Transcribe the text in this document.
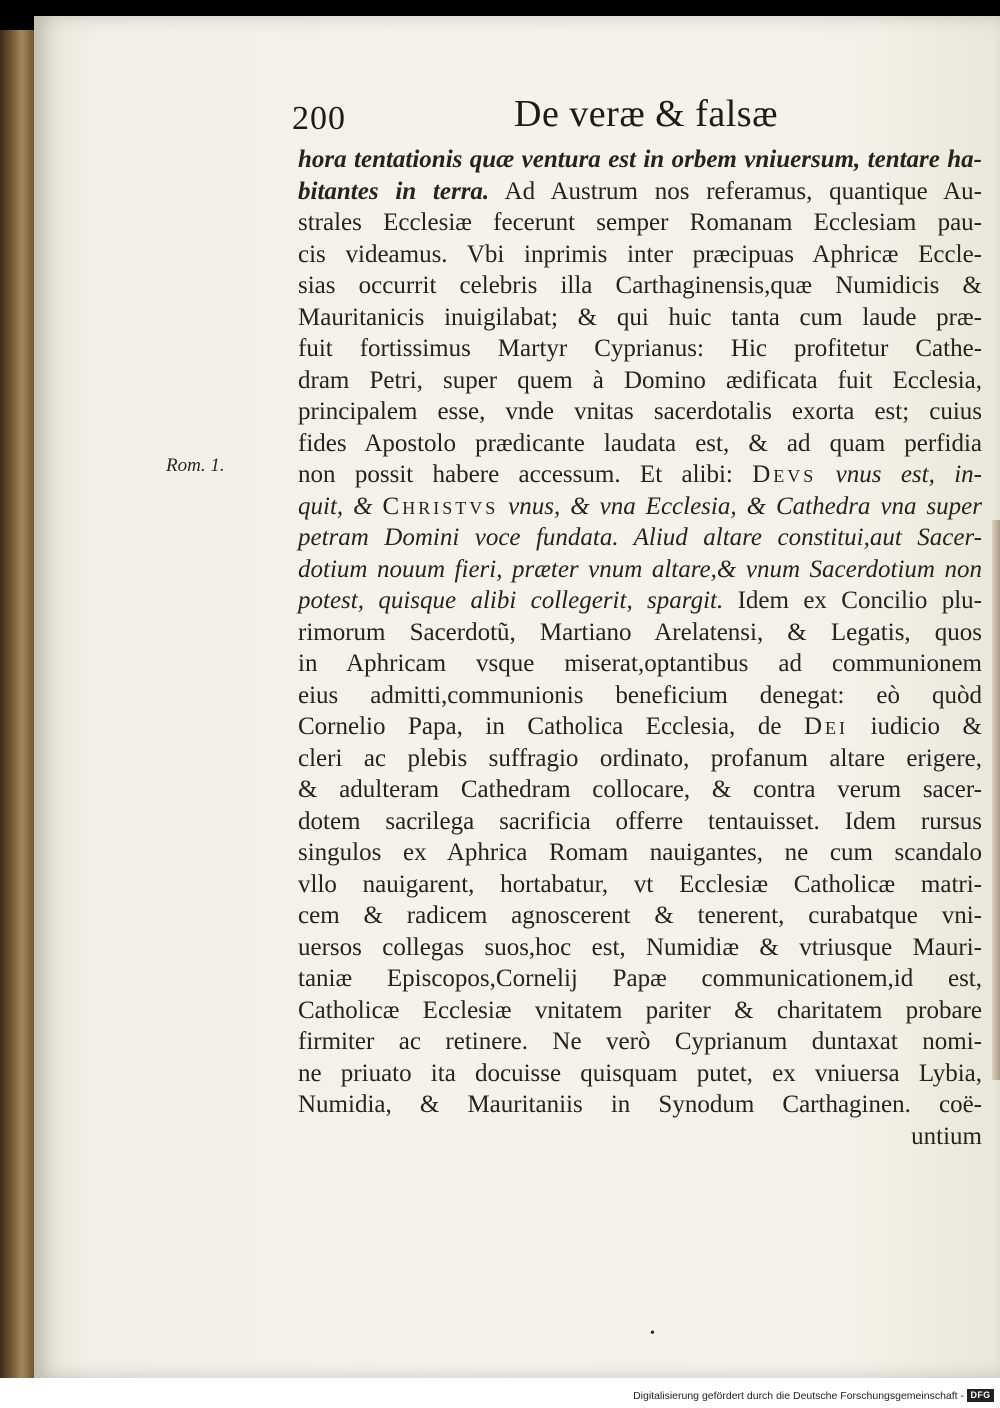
200	De veræ & falsæ
Rom. 1.
hora tentationis quæ ventura est in orbem vniuersum, tentare ha-
bitantes in terra. Ad Austrum nos referamus, quantique Au-
strales Ecclesiæ fecerunt semper Romanam Ecclesiam pau-
cis videamus. Vbi inprimis inter præcipuas Aphricæ Eccle-
sias occurrit celebris illa Carthaginensis,quæ Numidicis &
Mauritanicis inuigilabat; & qui huic tanta cum laude præ-
fuit fortissimus Martyr Cyprianus: Hic profitetur Cathe-
dram Petri, super quem à Domino ædificata fuit Ecclesia,
principalem esse, vnde vnitas sacerdotalis exorta est; cuius
fides Apostolo prædicante laudata est, & ad quam perfidia
non possit habere accessum. Et alibi: Devs vnus est, in-
quit, & Christvs vnus, & vna Ecclesia, & Cathedra vna super
petram Domini voce fundata. Aliud altare constitui,aut Sacer-
dotium nouum fieri, præter vnum altare,& vnum Sacerdotium non
potest, quisque alibi collegerit, spargit. Idem ex Concilio plu-
rimorum Sacerdotũ, Martiano Arelatensi, & Legatis, quos
in Aphricam vsque miserat,optantibus ad communionem
eius admitti,communionis beneficium denegat: eò quòd
Cornelio Papa, in Catholica Ecclesia, de Dei iudicio &
cleri ac plebis suffragio ordinato, profanum altare erigere,
& adulteram Cathedram collocare, & contra verum sacer-
dotem sacrilega sacrificia offerre tentauisset. Idem rursus
singulos ex Aphrica Romam nauigantes, ne cum scandalo
vllo nauigarent, hortabatur, vt Ecclesiæ Catholicæ matri-
cem & radicem agnoscerent & tenerent, curabatque vni-
uersos collegas suos,hoc est, Numidiæ & vtriusque Mauri-
taniæ Episcopos,Cornelij Papæ communicationem,id est,
Catholicæ Ecclesiæ vnitatem pariter & charitatem probare
firmiter ac retinere. Ne verò Cyprianum duntaxat nomi-
ne priuato ita docuisse quisquam putet, ex vniuersa Lybia,
Numidia, & Mauritaniis in Synodum Carthaginen. coë-
untium
•
Digitalisierung gefördert durch die Deutsche Forschungsgemeinschaft - DFG
